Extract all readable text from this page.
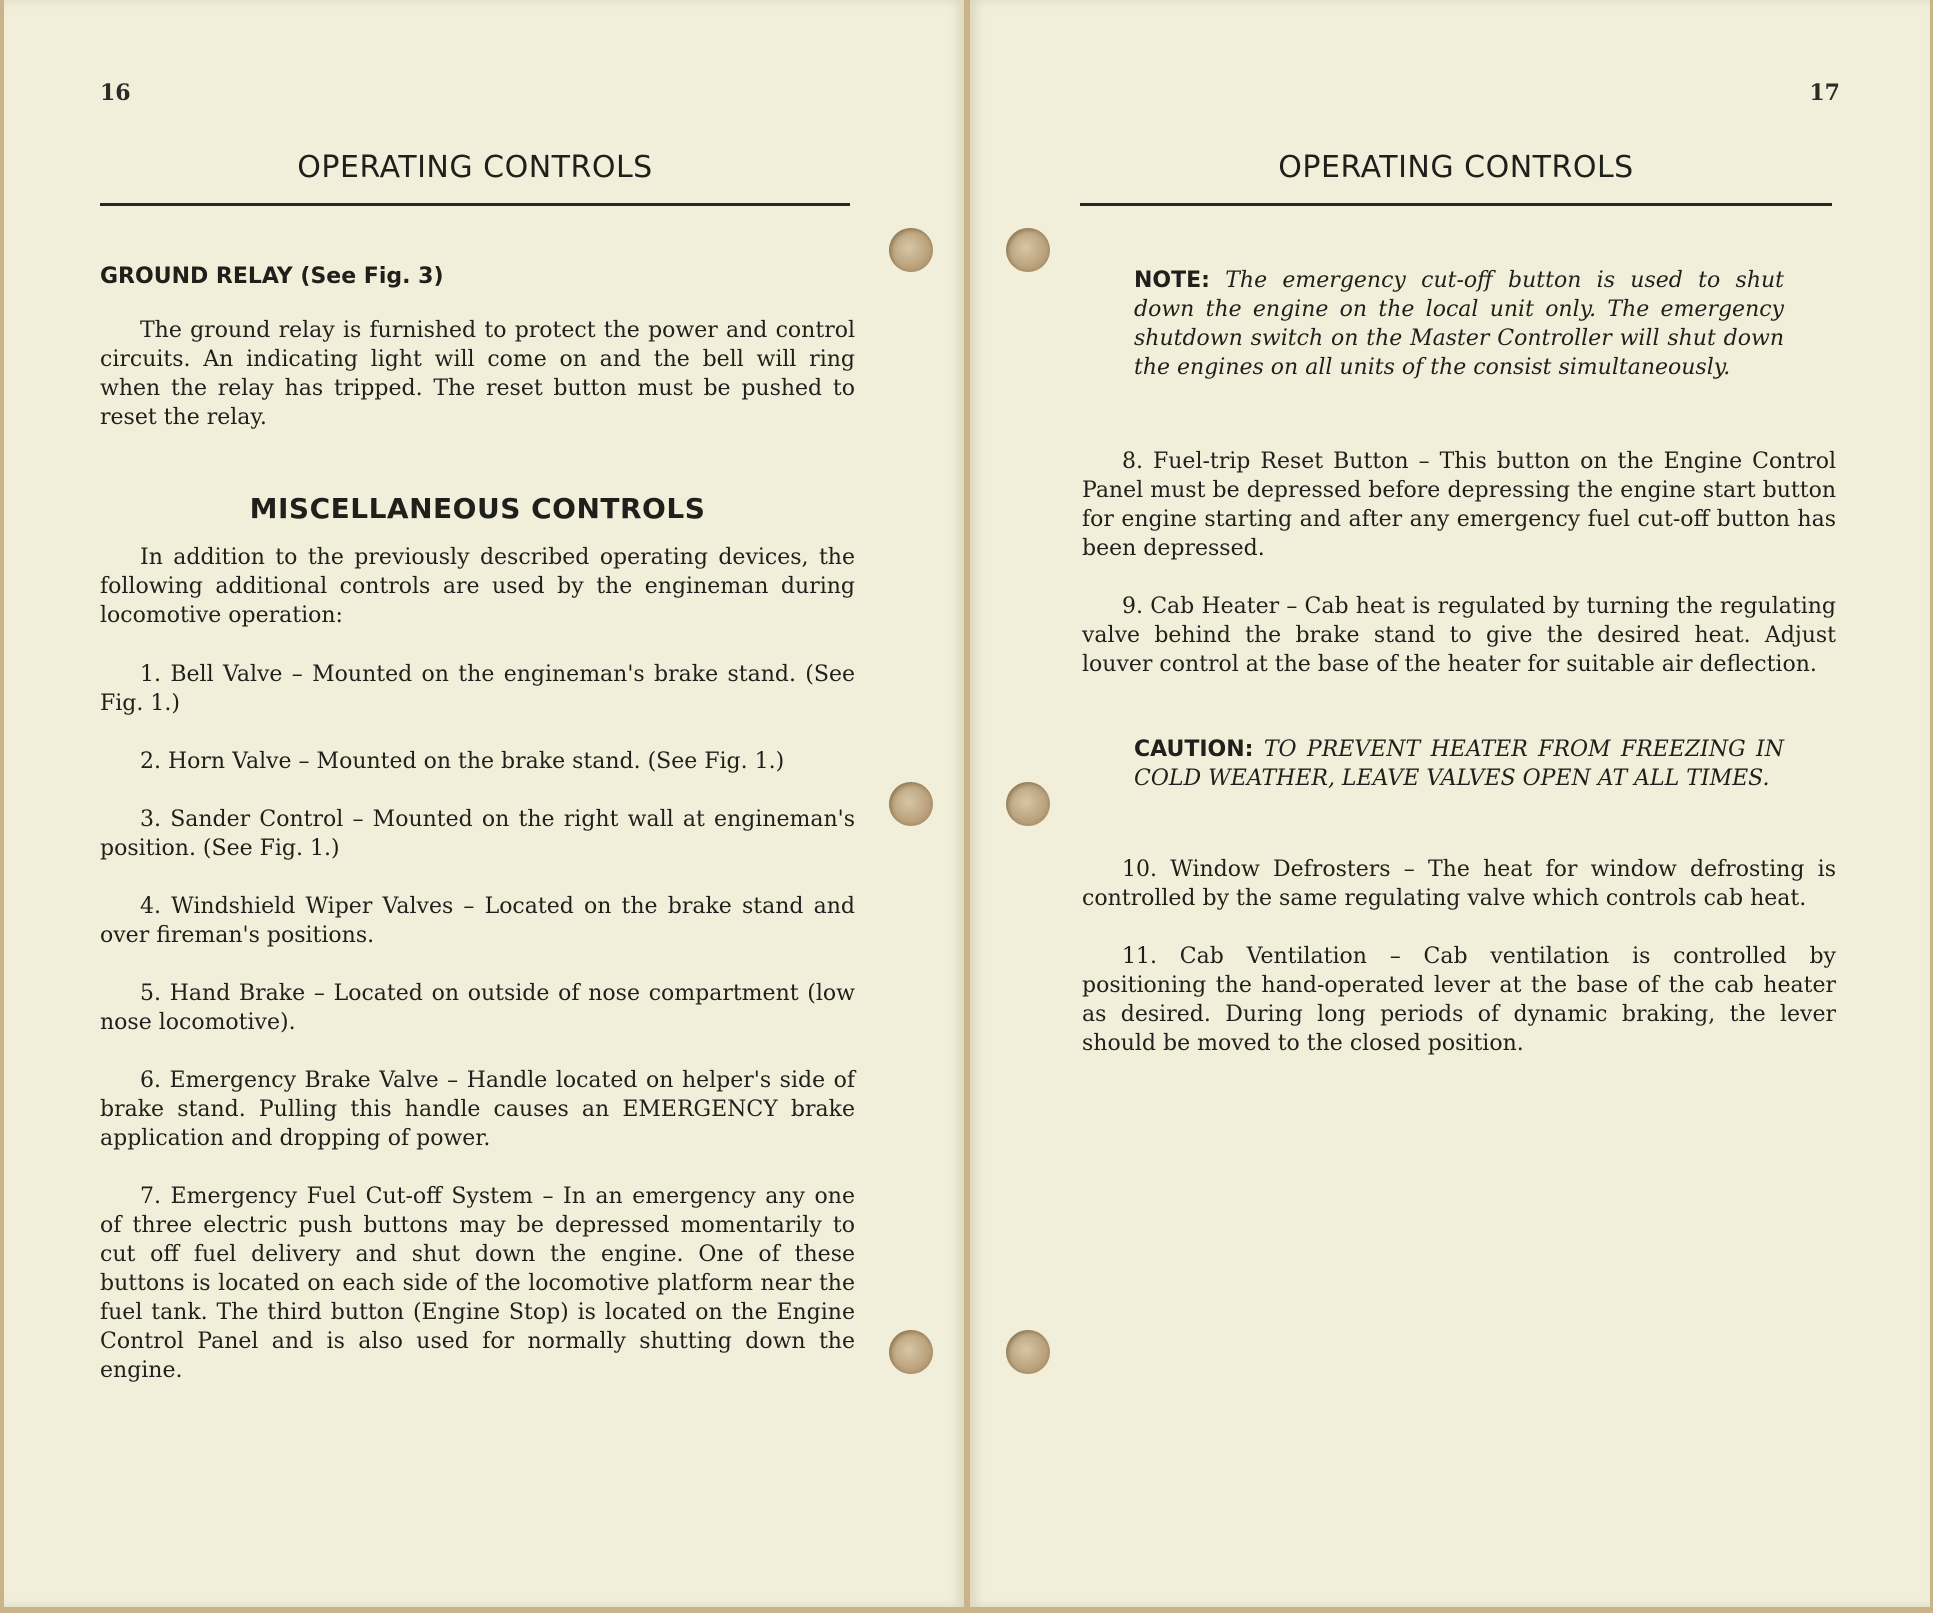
16
OPERATING CONTROLS
GROUND RELAY (See Fig. 3)

The ground relay is furnished to protect the power and control circuits. An indicating light will come on and the bell will ring when the relay has tripped. The reset button must be pushed to reset the relay.

MISCELLANEOUS CONTROLS

In addition to the previously described operating devices, the following additional controls are used by the engineman during locomotive operation:

1. Bell Valve – Mounted on the engineman's brake stand. (See Fig. 1.)

2. Horn Valve – Mounted on the brake stand. (See Fig. 1.)

3. Sander Control – Mounted on the right wall at engineman's position. (See Fig. 1.)

4. Windshield Wiper Valves – Located on the brake stand and over fireman's positions.

5. Hand Brake – Located on outside of nose compartment (low nose locomotive).

6. Emergency Brake Valve – Handle located on helper's side of brake stand. Pulling this handle causes an EMERGENCY brake application and dropping of power.

7. Emergency Fuel Cut-off System – In an emergency any one of three electric push buttons may be depressed momentarily to cut off fuel delivery and shut down the engine. One of these buttons is located on each side of the locomotive platform near the fuel tank. The third button (Engine Stop) is located on the Engine Control Panel and is also used for normally shutting down the engine.

17
OPERATING CONTROLS

NOTE: The emergency cut-off button is used to shut down the engine on the local unit only. The emergency shutdown switch on the Master Controller will shut down the engines on all units of the consist simultaneously.

8. Fuel-trip Reset Button – This button on the Engine Control Panel must be depressed before depressing the engine start button for engine starting and after any emergency fuel cut-off button has been depressed.

9. Cab Heater – Cab heat is regulated by turning the regulating valve behind the brake stand to give the desired heat. Adjust louver control at the base of the heater for suitable air deflection.

CAUTION: TO PREVENT HEATER FROM FREEZING IN COLD WEATHER, LEAVE VALVES OPEN AT ALL TIMES.

10. Window Defrosters – The heat for window defrosting is controlled by the same regulating valve which controls cab heat.

11. Cab Ventilation – Cab ventilation is controlled by positioning the hand-operated lever at the base of the cab heater as desired. During long periods of dynamic braking, the lever should be moved to the closed position.
